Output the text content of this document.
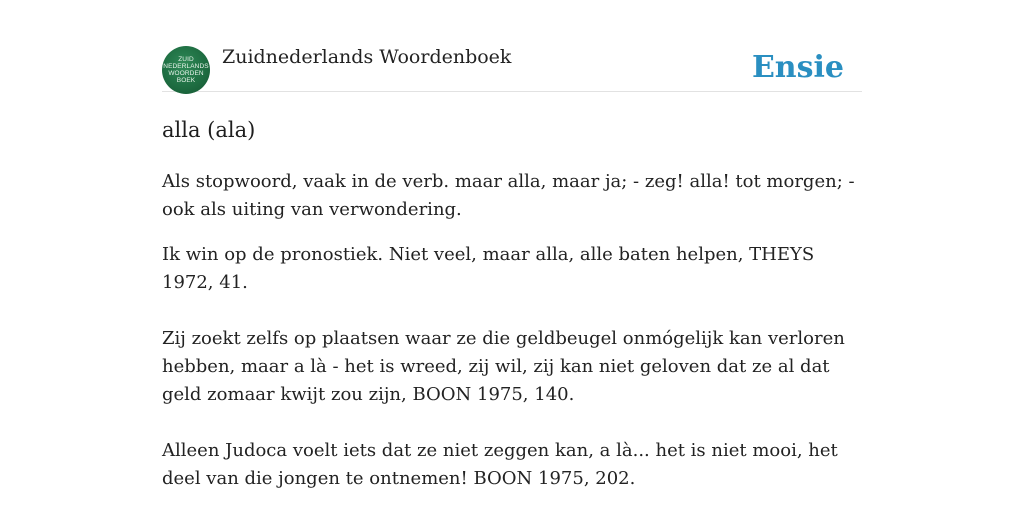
ZUID
NEDERLANDS
WOORDEN
BOEK
Zuidnederlands Woordenboek	Ensie
alla (ala)

Als stopwoord, vaak in de verb. maar alla, maar ja; - zeg! alla! tot morgen; - ook als uiting van verwondering.

Ik win op de pronostiek. Niet veel, maar alla, alle baten helpen, THEYS 1972, 41.

Zij zoekt zelfs op plaatsen waar ze die geldbeugel onmógelijk kan verloren hebben, maar a là - het is wreed, zij wil, zij kan niet geloven dat ze al dat geld zomaar kwijt zou zijn, BOON 1975, 140.

Alleen Judoca voelt iets dat ze niet zeggen kan, a là... het is niet mooi, het deel van die jongen te ontnemen! BOON 1975, 202.
